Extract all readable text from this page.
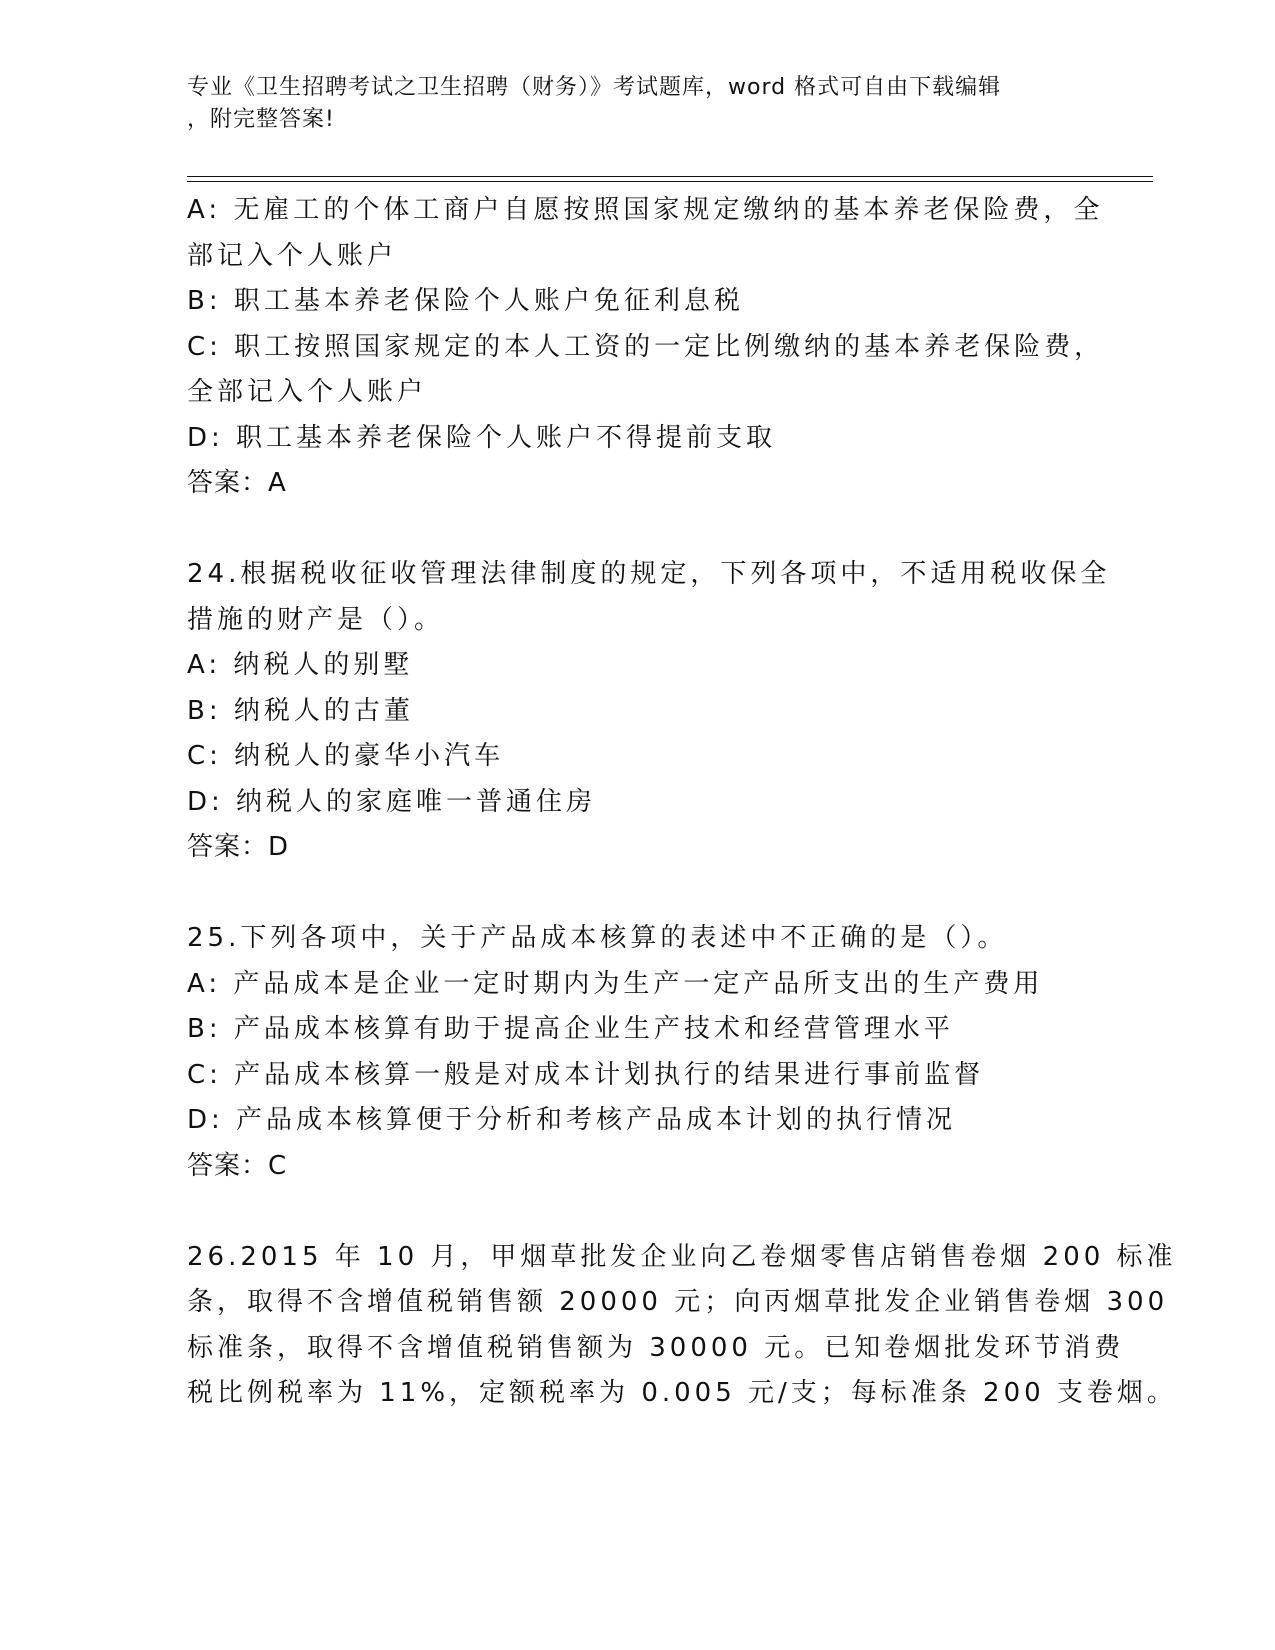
专业《卫生招聘考试之卫生招聘（财务）》考试题库，word 格式可自由下载编辑
，附完整答案!
A: 无雇工的个体工商户自愿按照国家规定缴纳的基本养老保险费，全
部记入个人账户
B: 职工基本养老保险个人账户免征利息税
C: 职工按照国家规定的本人工资的一定比例缴纳的基本养老保险费，
全部记入个人账户
D: 职工基本养老保险个人账户不得提前支取
答案：A
24.根据税收征收管理法律制度的规定，下列各项中，不适用税收保全
措施的财产是（）。
A: 纳税人的别墅
B: 纳税人的古董
C: 纳税人的豪华小汽车
D: 纳税人的家庭唯一普通住房
答案：D
25.下列各项中，关于产品成本核算的表述中不正确的是（）。
A: 产品成本是企业一定时期内为生产一定产品所支出的生产费用
B: 产品成本核算有助于提高企业生产技术和经营管理水平
C: 产品成本核算一般是对成本计划执行的结果进行事前监督
D: 产品成本核算便于分析和考核产品成本计划的执行情况
答案：C
26.2015 年 10 月，甲烟草批发企业向乙卷烟零售店销售卷烟 200 标准
条，取得不含增值税销售额 20000 元；向丙烟草批发企业销售卷烟 300
标准条，取得不含增值税销售额为 30000 元。已知卷烟批发环节消费
税比例税率为 11%，定额税率为 0.005 元/支；每标准条 200 支卷烟。
